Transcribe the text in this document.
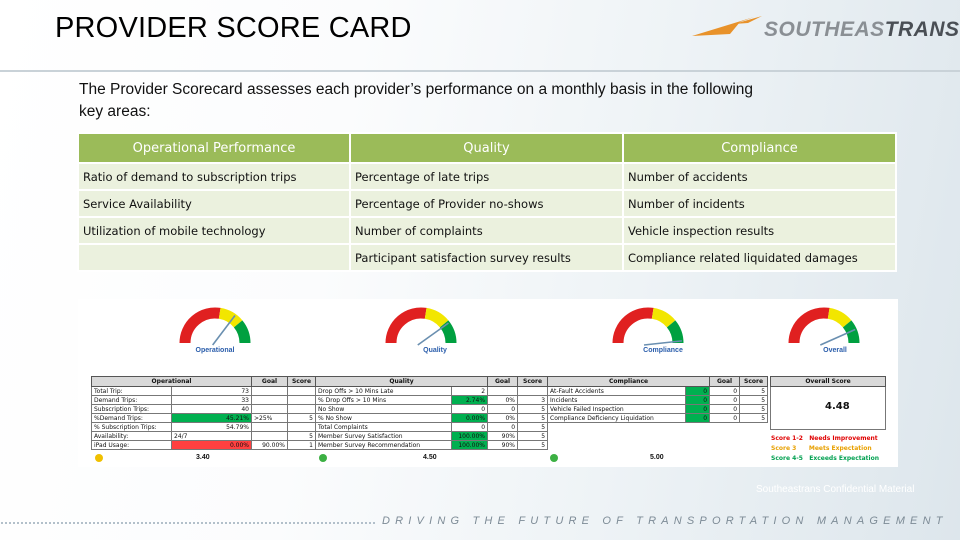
PROVIDER SCORE CARD	SOUTHEASTRANS
The Provider Scorecard assesses each provider’s performance on a monthly basis in the following key areas:
Operational Performance	Quality	Compliance
Ratio of demand to subscription trips	Percentage of late trips	Number of accidents
Service Availability	Percentage of Provider no-shows	Number of incidents
Utilization of mobile technology	Number of complaints	Vehicle inspection results
	Participant satisfaction survey results	Compliance related liquidated damages
Operational	Quality	Compliance	Overall
Operational		Goal	Score
Total Trip:	73		
Demand Trips:	33		
Subscription Trips:	40		
%Demand Trips:	45.21%	>25%	5
% Subscription Trips:	54.79%		
Availability:	24/7		5
iPad Usage:	0.00%	90.00%	1
Quality		Goal	Score
Drop Offs > 10 Mins Late	2		
% Drop Offs > 10 Mins	2.74%	0%	3
No Show	0	0	5
% No Show	0.00%	0%	5
Total Complaints	0	0	5
Member Survey Satisfaction	100.00%	90%	5
Member Survey Recommendation	100.00%	90%	5
Compliance		Goal	Score
At-Fault Accidents	0	0	5
Incidents	0	0	5
Vehicle Failed Inspection	0	0	5
Compliance Deficiency Liquidation	0	0	5
Overall Score

4.48
Score 1-2 Needs Improvement
Score 3 Meets Expectation
Score 4-5 Exceeds Expectation
3.40	4.50	5.00
Southeastrans Confidential Material
DRIVING THE FUTURE OF TRANSPORTATION MANAGEMENT
